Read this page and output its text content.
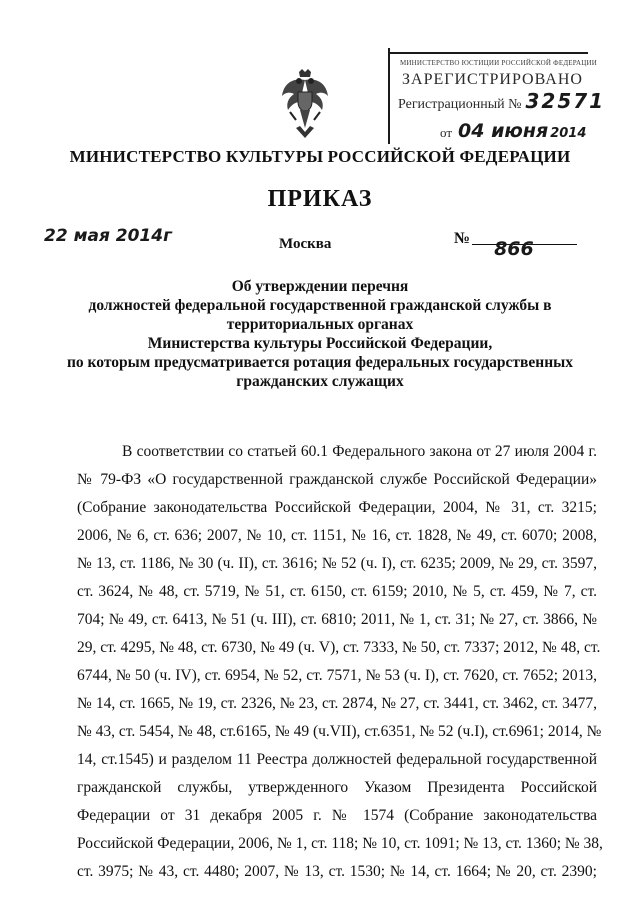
МИНИСТЕРСТВО ЮСТИЦИИ РОССИЙСКОЙ ФЕДЕРАЦИИ
ЗАРЕГИСТРИРОВАНО
Регистрационный № 32571
от 04 июня 2014
МИНИСТЕРСТВО КУЛЬТУРЫ РОССИЙСКОЙ ФЕДЕРАЦИИ
ПРИКАЗ
22 мая 2014г	Москва	№ 866
Об утверждении перечня
должностей федеральной государственной гражданской службы в
территориальных органах
Министерства культуры Российской Федерации,
по которым предусматривается ротация федеральных государственных
гражданских служащих
В соответствии со статьей 60.1 Федерального закона от 27 июля 2004 г.
№ 79-ФЗ «О государственной гражданской службе Российской Федерации»
(Собрание законодательства Российской Федерации, 2004, № 31, ст. 3215;
2006, № 6, ст. 636; 2007, № 10, ст. 1151, № 16, ст. 1828, № 49, ст. 6070; 2008,
№ 13, ст. 1186, № 30 (ч. II), ст. 3616; № 52 (ч. I), ст. 6235; 2009, № 29, ст. 3597,
ст. 3624, № 48, ст. 5719, № 51, ст. 6150, ст. 6159; 2010, № 5, ст. 459, № 7, ст.
704; № 49, ст. 6413, № 51 (ч. III), ст. 6810; 2011, № 1, ст. 31; № 27, ст. 3866, №
29, ст. 4295, № 48, ст. 6730, № 49 (ч. V), ст. 7333, № 50, ст. 7337; 2012, № 48, ст.
6744, № 50 (ч. IV), ст. 6954, № 52, ст. 7571, № 53 (ч. I), ст. 7620, ст. 7652; 2013,
№ 14, ст. 1665, № 19, ст. 2326, № 23, ст. 2874, № 27, ст. 3441, ст. 3462, ст. 3477,
№ 43, ст. 5454, № 48, ст.6165, № 49 (ч.VII), ст.6351, № 52 (ч.I), ст.6961; 2014, №
14, ст.1545) и разделом 11 Реестра должностей федеральной государственной
гражданской службы, утвержденного Указом Президента Российской
Федерации от 31 декабря 2005 г. № 1574 (Собрание законодательства
Российской Федерации, 2006, № 1, ст. 118; № 10, ст. 1091; № 13, ст. 1360; № 38,
ст. 3975; № 43, ст. 4480; 2007, № 13, ст. 1530; № 14, ст. 1664; № 20, ст. 2390;
